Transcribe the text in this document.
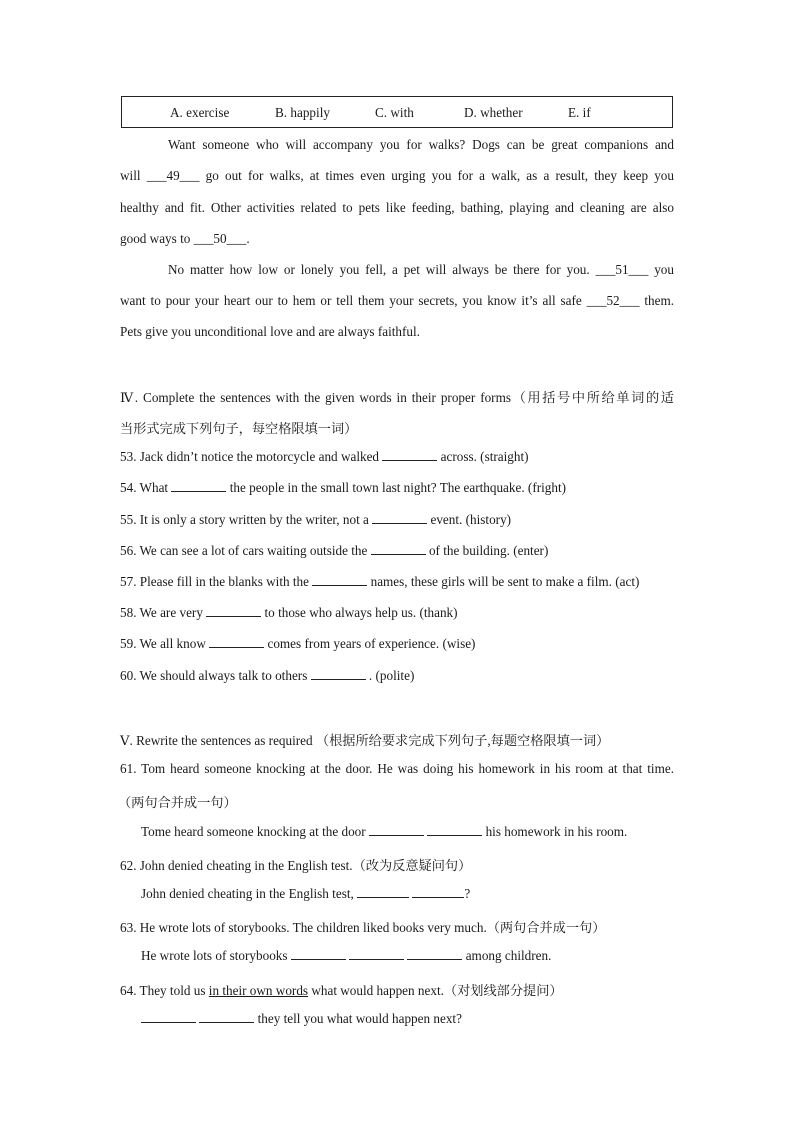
A. exercise	B. happily	C. with	D. whether	E. if
Want someone who will accompany you for walks? Dogs can be great companions and
will ___49___ go out for walks, at times even urging you for a walk, as a result, they keep you
healthy and fit. Other activities related to pets like feeding, bathing, playing and cleaning are also
good ways to ___50___.
No matter how low or lonely you fell, a pet will always be there for you. ___51___ you
want to pour your heart our to hem or tell them your secrets, you know it’s all safe ___52___ them.
Pets give you unconditional love and are always faithful.
Ⅳ. Complete the sentences with the given words in their proper forms（用括号中所给单词的适
当形式完成下列句子，每空格限填一词）
53. Jack didn’t notice the motorcycle and walked	across. (straight)
54. What	the people in the small town last night? The earthquake. (fright)
55. It is only a story written by the writer, not a	event. (history)
56. We can see a lot of cars waiting outside the	of the building. (enter)
57. Please fill in the blanks with the	names, these girls will be sent to make a film. (act)
58. We are very	to those who always help us. (thank)
59. We all know	comes from years of experience. (wise)
60. We should always talk to others	. (polite)
Ⅴ. Rewrite the sentences as required （根据所给要求完成下列句子,每题空格限填一词）
61. Tom heard someone knocking at the door. He was doing his homework in his room at that time.
（两句合并成一句）
Tome heard someone knocking at the door	his homework in his room.
62. John denied cheating in the English test.（改为反意疑问句）
John denied cheating in the English test,	?
63. He wrote lots of storybooks. The children liked books very much.（两句合并成一句）
He wrote lots of storybooks	among children.
64. They told us in their own words what would happen next.（对划线部分提问）
they tell you what would happen next?
